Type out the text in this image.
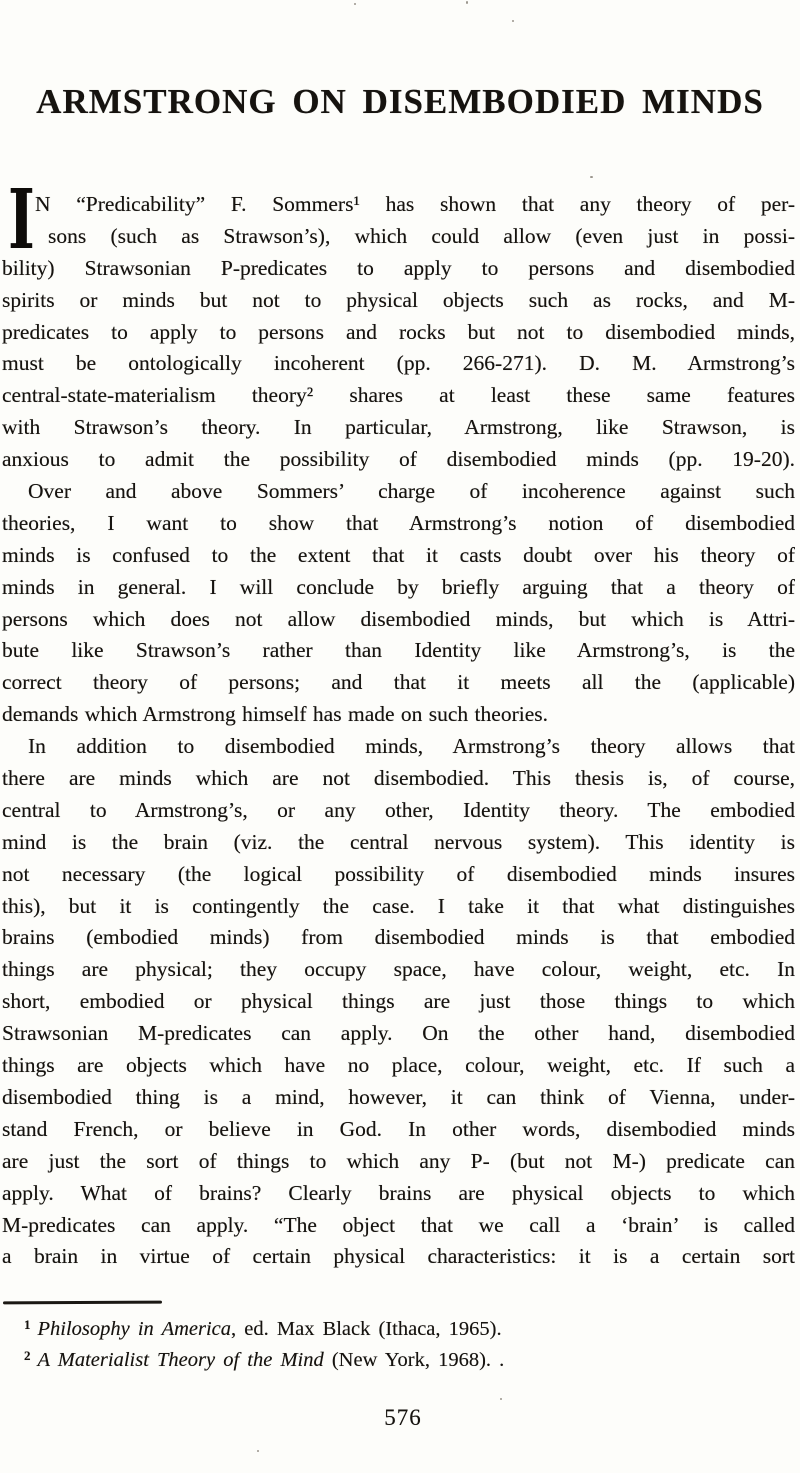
ARMSTRONG ON DISEMBODIED MINDS
I N “Predicability” F. Sommers¹ has shown that any theory of per-
sons (such as Strawson’s), which could allow (even just in possi-
bility) Strawsonian P-predicates to apply to persons and disembodied
spirits or minds but not to physical objects such as rocks, and M-
predicates to apply to persons and rocks but not to disembodied minds,
must be ontologically incoherent (pp. 266-271). D. M. Armstrong’s
central-state-materialism theory² shares at least these same features
with Strawson’s theory. In particular, Armstrong, like Strawson, is
anxious to admit the possibility of disembodied minds (pp. 19-20).
Over and above Sommers’ charge of incoherence against such
theories, I want to show that Armstrong’s notion of disembodied
minds is confused to the extent that it casts doubt over his theory of
minds in general. I will conclude by briefly arguing that a theory of
persons which does not allow disembodied minds, but which is Attri-
bute like Strawson’s rather than Identity like Armstrong’s, is the
correct theory of persons; and that it meets all the (applicable)
demands which Armstrong himself has made on such theories.
In addition to disembodied minds, Armstrong’s theory allows that
there are minds which are not disembodied. This thesis is, of course,
central to Armstrong’s, or any other, Identity theory. The embodied
mind is the brain (viz. the central nervous system). This identity is
not necessary (the logical possibility of disembodied minds insures
this), but it is contingently the case. I take it that what distinguishes
brains (embodied minds) from disembodied minds is that embodied
things are physical; they occupy space, have colour, weight, etc. In
short, embodied or physical things are just those things to which
Strawsonian M-predicates can apply. On the other hand, disembodied
things are objects which have no place, colour, weight, etc. If such a
disembodied thing is a mind, however, it can think of Vienna, under-
stand French, or believe in God. In other words, disembodied minds
are just the sort of things to which any P- (but not M-) predicate can
apply. What of brains? Clearly brains are physical objects to which
M-predicates can apply. “The object that we call a ‘brain’ is called
a brain in virtue of certain physical characteristics: it is a certain sort
$^1$ Philosophy in America, ed. Max Black (Ithaca, 1965).
$^2$ A Materialist Theory of the Mind (New York, 1968). .
576
